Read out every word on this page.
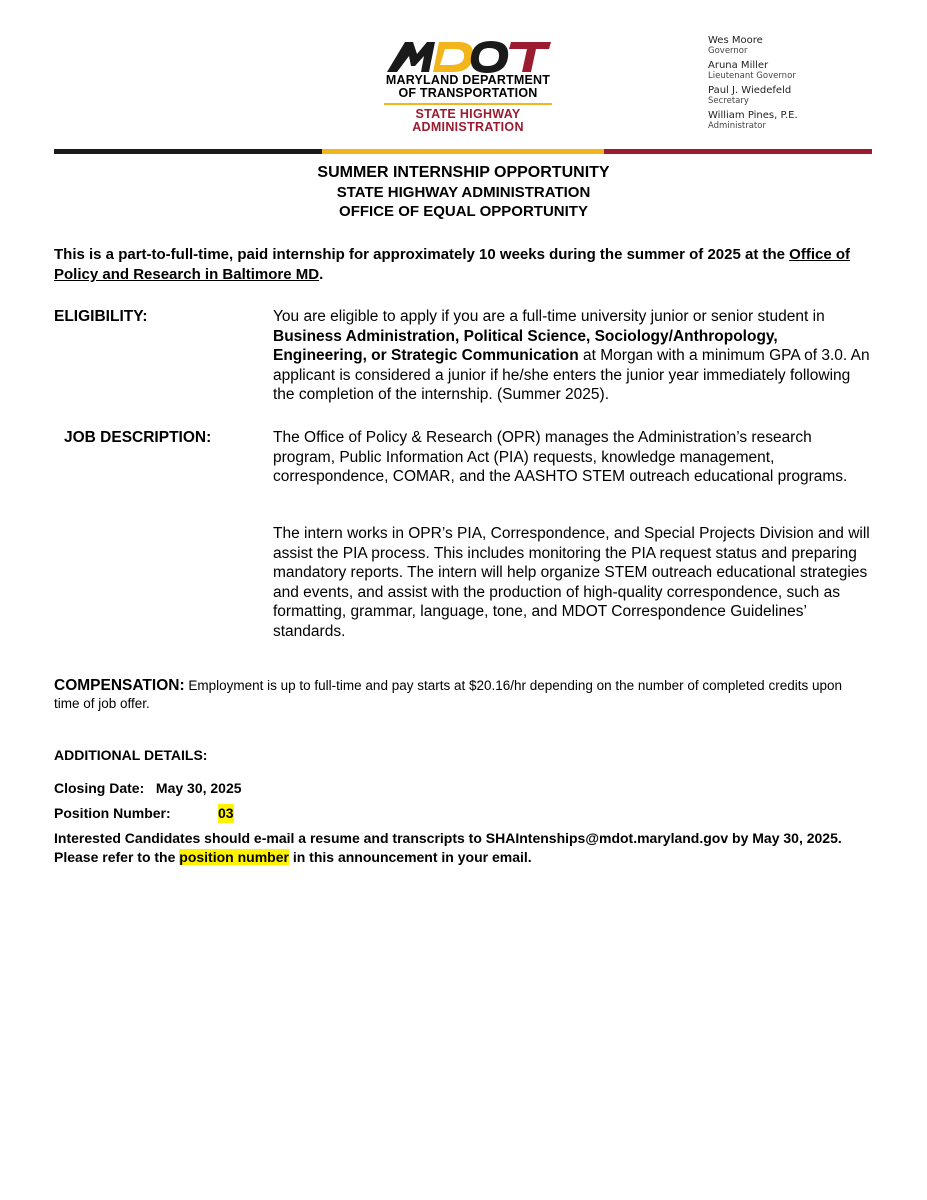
MARYLAND DEPARTMENT
OF TRANSPORTATION
STATE HIGHWAY
ADMINISTRATION
Wes Moore
Governor
Aruna Miller
Lieutenant Governor
Paul J. Wiedefeld
Secretary
William Pines, P.E.
Administrator
SUMMER INTERNSHIP OPPORTUNITY
STATE HIGHWAY ADMINISTRATION
OFFICE OF EQUAL OPPORTUNITY
This is a part-to-full-time, paid internship for approximately 10 weeks during the summer of 2025 at the Office of Policy and Research in Baltimore MD.
ELIGIBILITY:	You are eligible to apply if you are a full-time university junior or senior student in Business Administration, Political Science, Sociology/Anthropology, Engineering, or Strategic Communication at Morgan with a minimum GPA of 3.0. An applicant is considered a junior if he/she enters the junior year immediately following the completion of the internship. (Summer 2025).
JOB DESCRIPTION:	The Office of Policy & Research (OPR) manages the Administration’s research program, Public Information Act (PIA) requests, knowledge management, correspondence, COMAR, and the AASHTO STEM outreach educational programs.
The intern works in OPR’s PIA, Correspondence, and Special Projects Division and will assist the PIA process. This includes monitoring the PIA request status and preparing mandatory reports. The intern will help organize STEM outreach educational strategies and events, and assist with the production of high-quality correspondence, such as formatting, grammar, language, tone, and MDOT Correspondence Guidelines’ standards.
COMPENSATION: Employment is up to full-time and pay starts at $20.16/hr depending on the number of completed credits upon time of job offer.
ADDITIONAL DETAILS:
Closing Date: May 30, 2025
Position Number:	03
Interested Candidates should e-mail a resume and transcripts to SHAIntenships@mdot.maryland.gov by May 30, 2025. Please refer to the position number in this announcement in your email.
